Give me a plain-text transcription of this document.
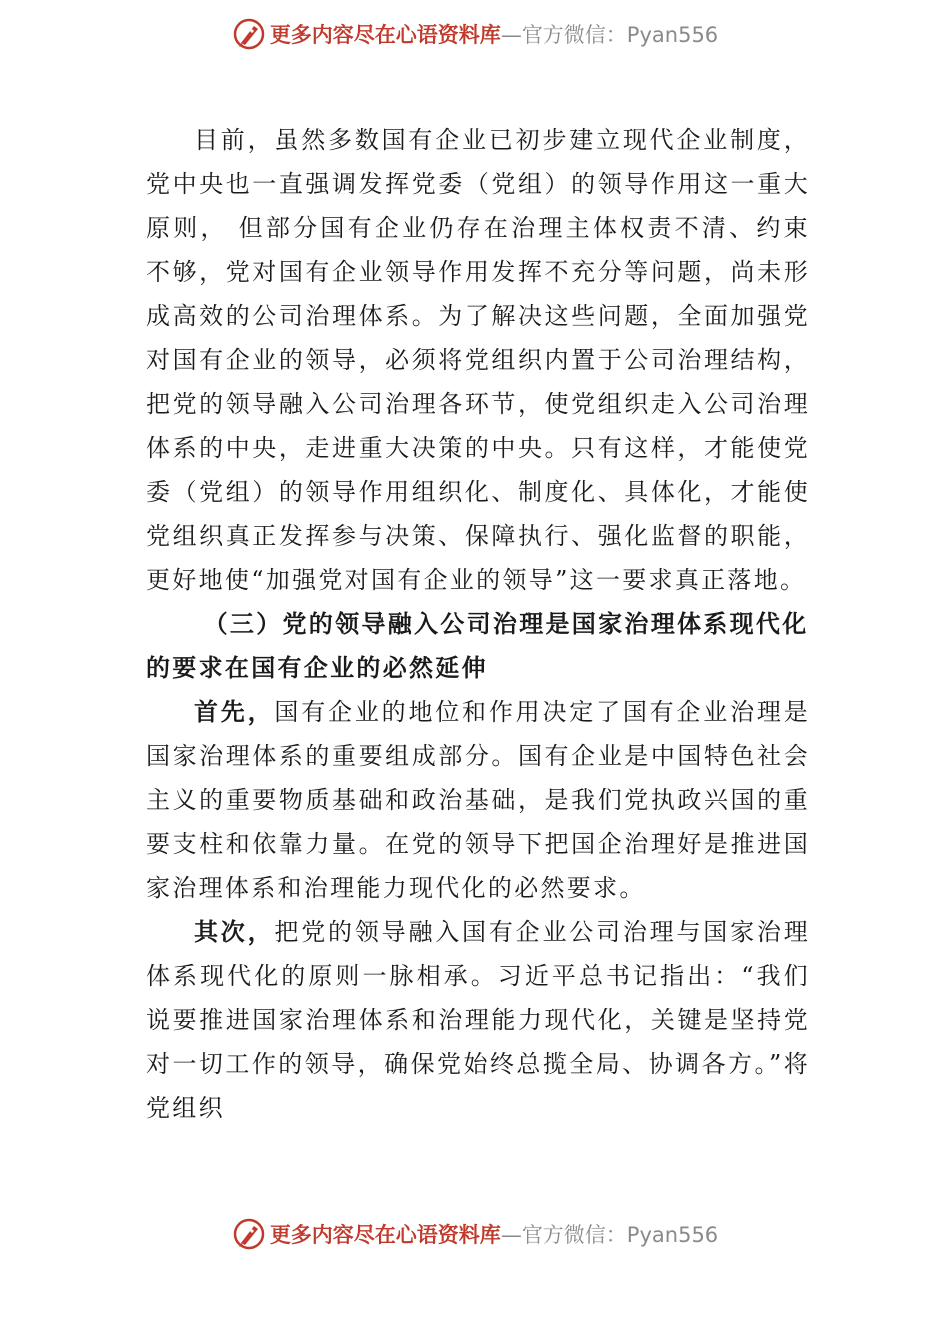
更多内容尽在心语资料库 —官方微信：Pyan556

目前，虽然多数国有企业已初步建立现代企业制度，党中央也一直强调发挥党委（党组）的领导作用这一重大原则， 但部分国有企业仍存在治理主体权责不清、约束不够，党对国有企业领导作用发挥不充分等问题，尚未形成高效的公司治理体系。为了解决这些问题，全面加强党对国有企业的领导，必须将党组织内置于公司治理结构，把党的领导融入公司治理各环节，使党组织走入公司治理体系的中央，走进重大决策的中央。只有这样，才能使党委（党组）的领导作用组织化、制度化、具体化，才能使党组织真正发挥参与决策、保障执行、强化监督的职能，更好地使“加强党对国有企业的领导”这一要求真正落地。

（三）党的领导融入公司治理是国家治理体系现代化的要求在国有企业的必然延伸

首先，国有企业的地位和作用决定了国有企业治理是国家治理体系的重要组成部分。国有企业是中国特色社会主义的重要物质基础和政治基础，是我们党执政兴国的重要支柱和依靠力量。在党的领导下把国企治理好是推进国家治理体系和治理能力现代化的必然要求。

其次，把党的领导融入国有企业公司治理与国家治理体系现代化的原则一脉相承。习近平总书记指出：“我们说要推进国家治理体系和治理能力现代化，关键是坚持党对一切工作的领导，确保党始终总揽全局、协调各方。”将党组织

更多内容尽在心语资料库 —官方微信：Pyan556
